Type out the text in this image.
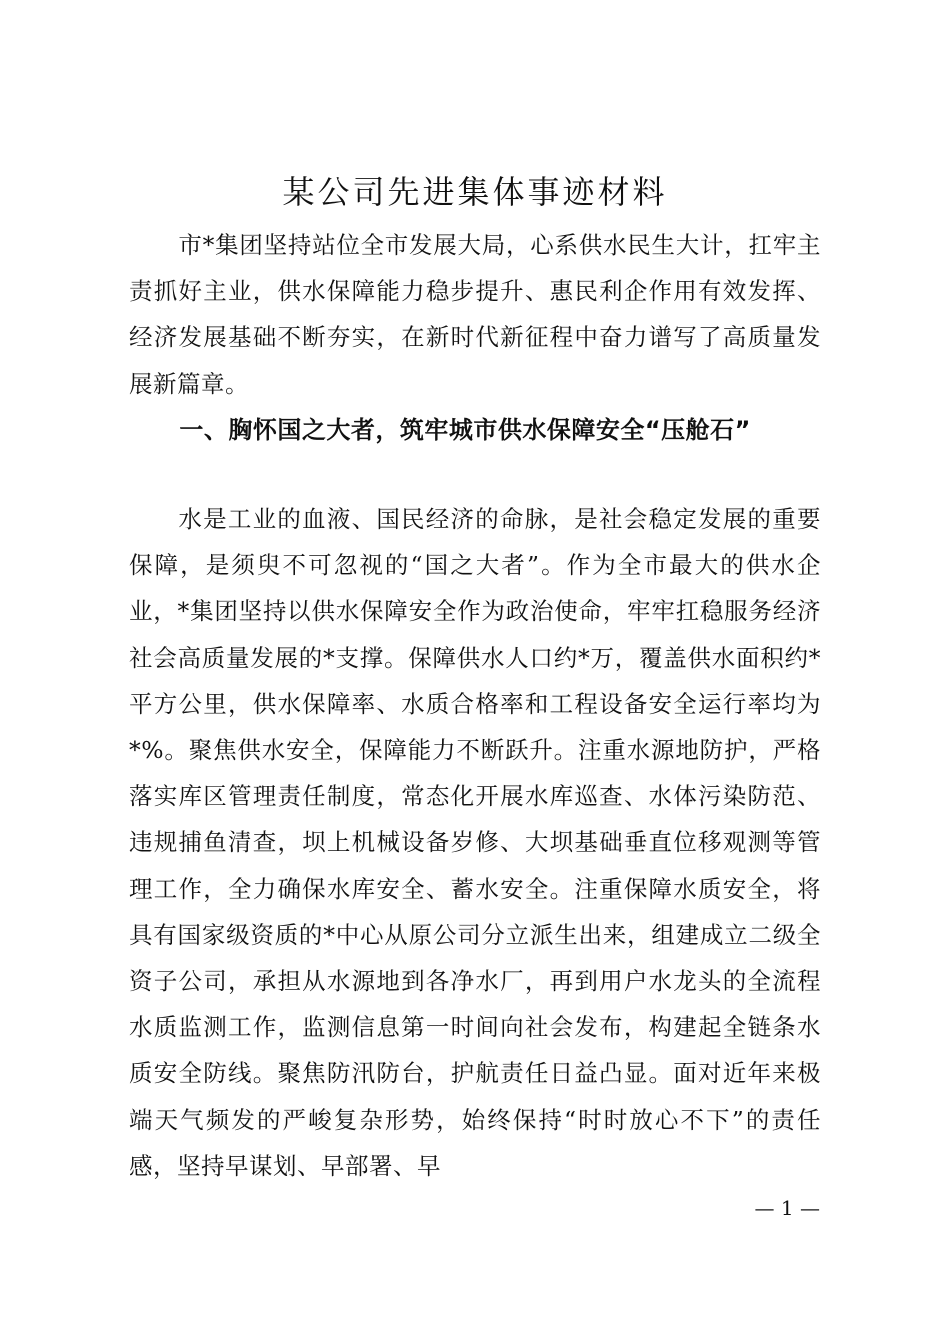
某公司先进集体事迹材料

市*集团坚持站位全市发展大局，心系供水民生大计，扛牢主责抓好主业，供水保障能力稳步提升、惠民利企作用有效发挥、经济发展基础不断夯实，在新时代新征程中奋力谱写了高质量发展新篇章。

一、胸怀国之大者，筑牢城市供水保障安全“压舱石”

水是工业的血液、国民经济的命脉，是社会稳定发展的重要保障，是须臾不可忽视的“国之大者”。作为全市最大的供水企业，*集团坚持以供水保障安全作为政治使命，牢牢扛稳服务经济社会高质量发展的*支撑。保障供水人口约*万，覆盖供水面积约*平方公里，供水保障率、水质合格率和工程设备安全运行率均为*%。聚焦供水安全，保障能力不断跃升。注重水源地防护，严格落实库区管理责任制度，常态化开展水库巡查、水体污染防范、违规捕鱼清查，坝上机械设备岁修、大坝基础垂直位移观测等管理工作，全力确保水库安全、蓄水安全。注重保障水质安全，将具有国家级资质的*中心从原公司分立派生出来，组建成立二级全资子公司，承担从水源地到各净水厂，再到用户水龙头的全流程水质监测工作，监测信息第一时间向社会发布，构建起全链条水质安全防线。聚焦防汛防台，护航责任日益凸显。面对近年来极端天气频发的严峻复杂形势，始终保持“时时放心不下”的责任感，坚持早谋划、早部署、早

— 1 —
